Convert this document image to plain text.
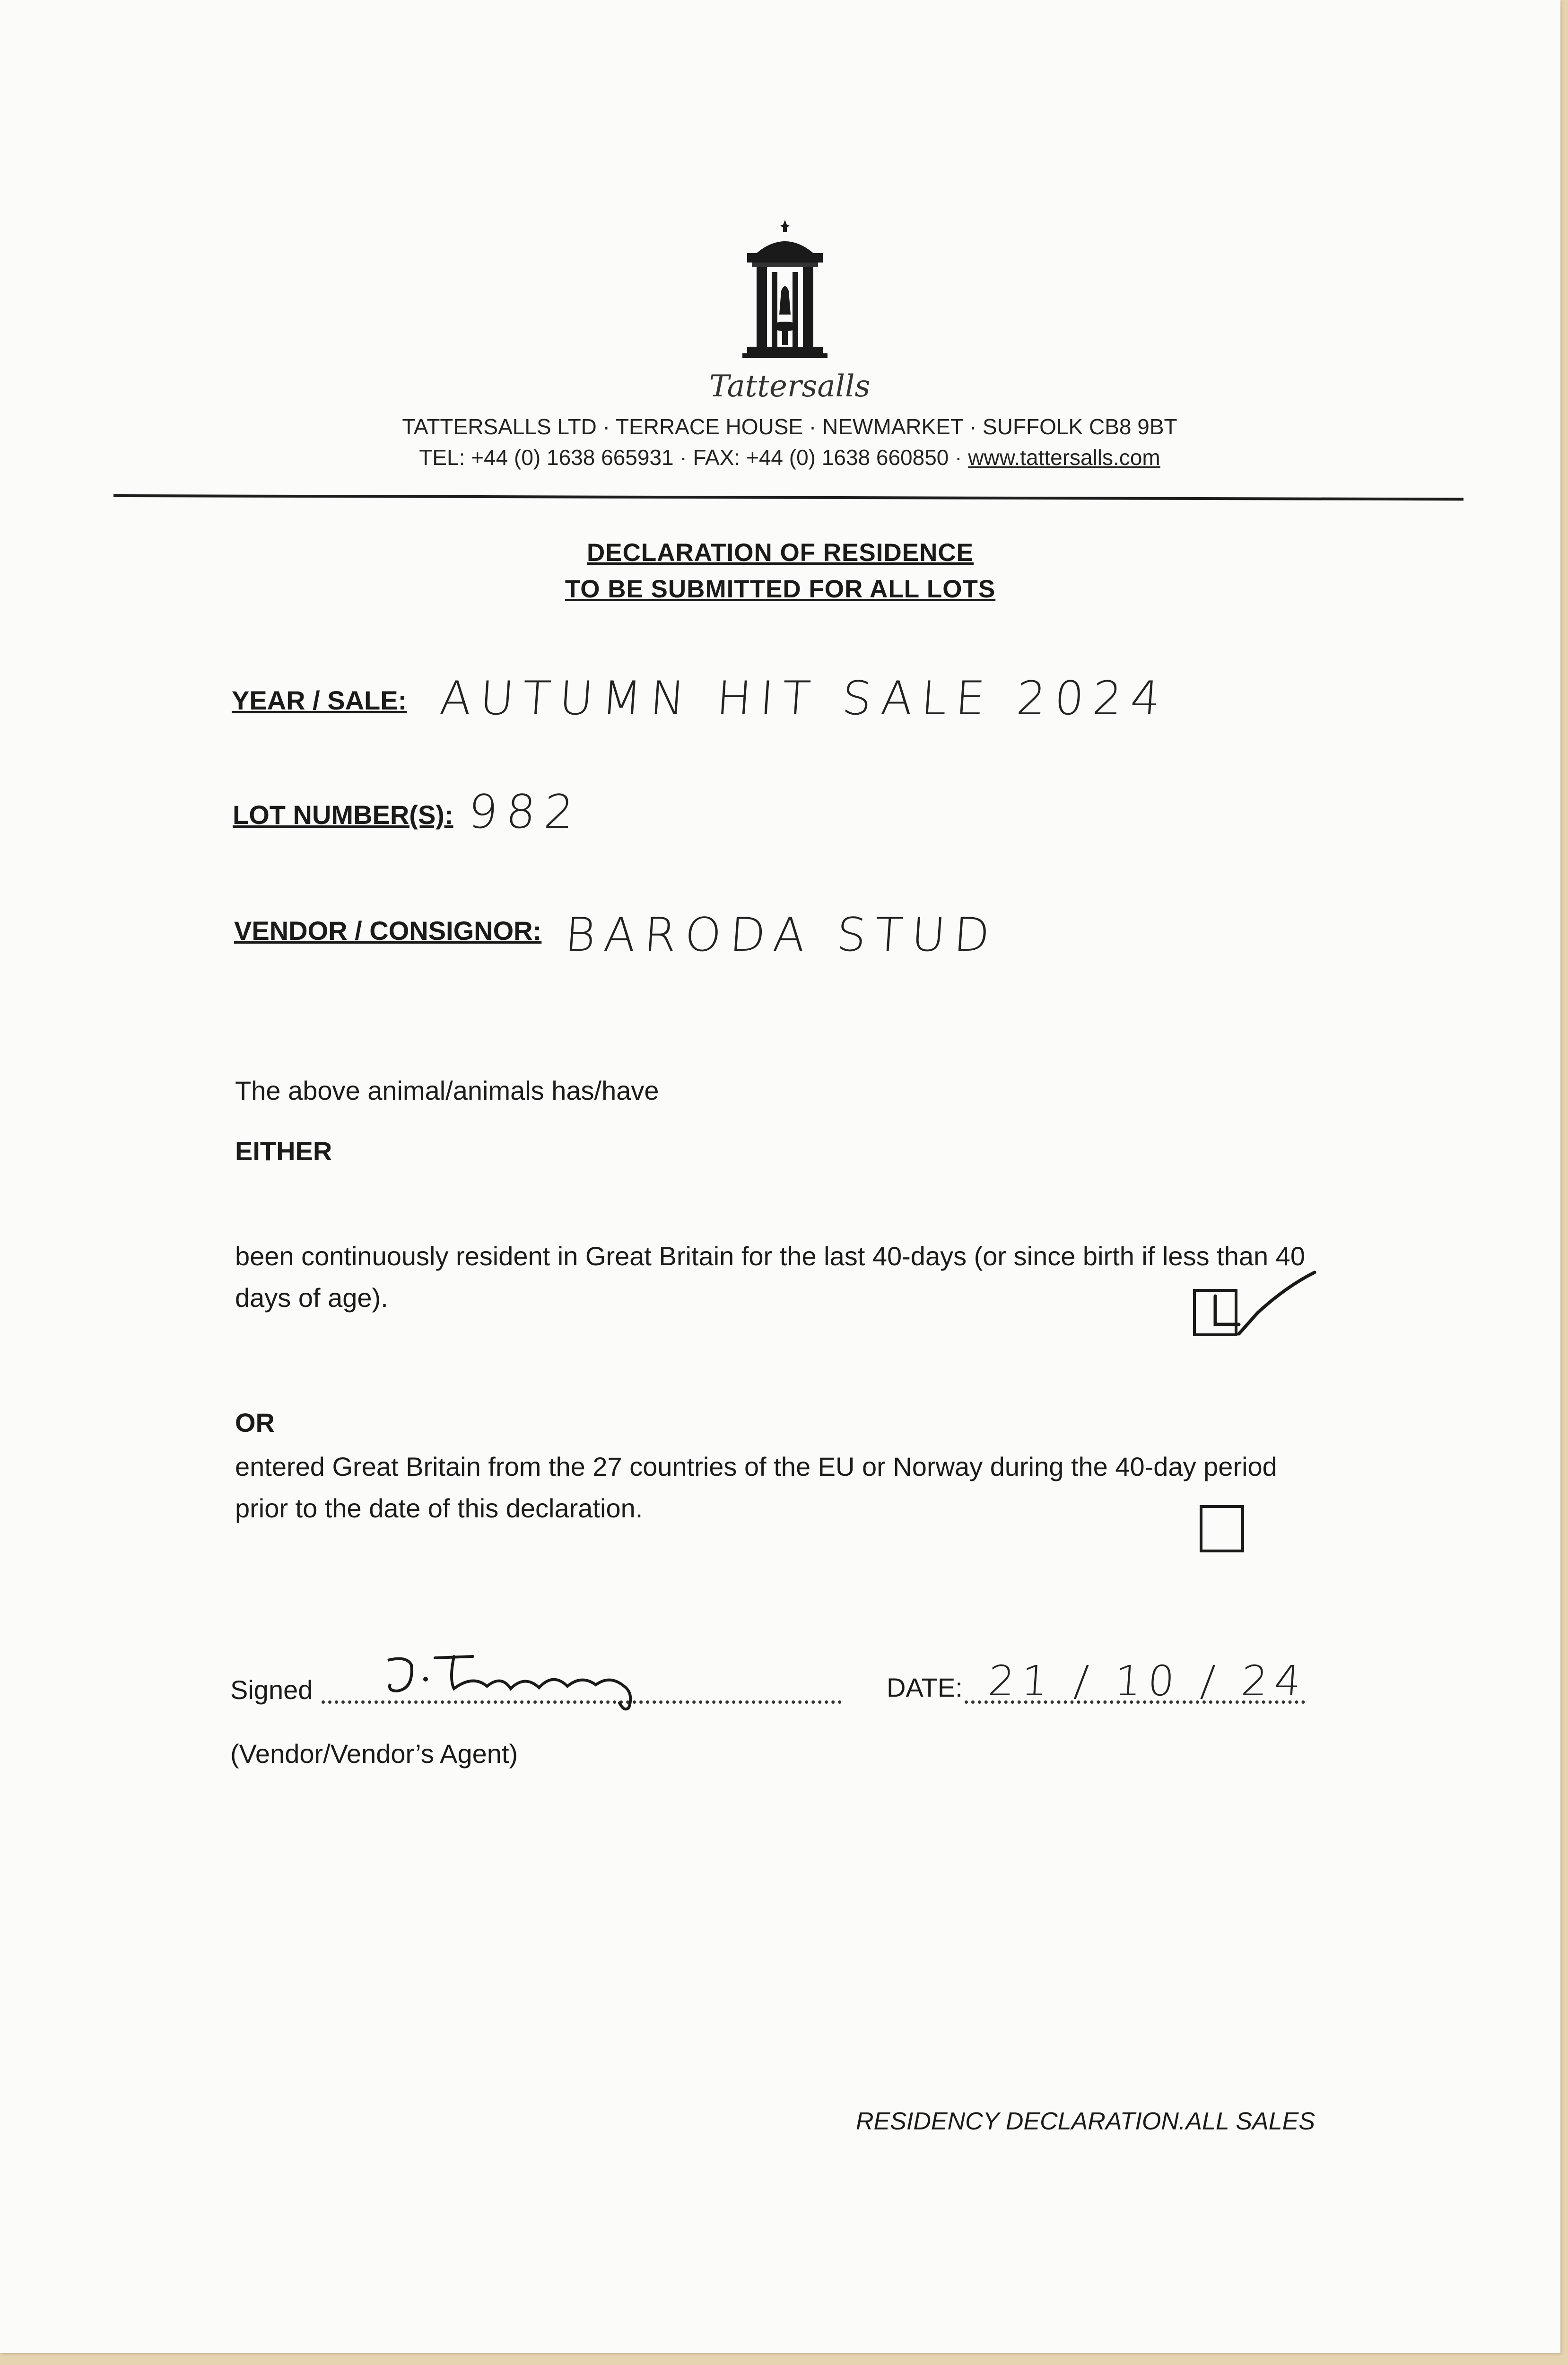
Tattersalls
TATTERSALLS LTD · TERRACE HOUSE · NEWMARKET · SUFFOLK CB8 9BT
TEL: +44 (0) 1638 665931 · FAX: +44 (0) 1638 660850 · www.tattersalls.com
DECLARATION OF RESIDENCE
TO BE SUBMITTED FOR ALL LOTS
YEAR / SALE: AUTUMN HIT SALE 2024
LOT NUMBER(S): 982
VENDOR / CONSIGNOR: BARODA STUD
The above animal/animals has/have
EITHER
been continuously resident in Great Britain for the last 40-days (or since birth if less than 40 days of age).
OR
entered Great Britain from the 27 countries of the EU or Norway during the 40-day period prior to the date of this declaration.
Signed
(Vendor/Vendor’s Agent)
DATE: 21 / 10 / 24
RESIDENCY DECLARATION.ALL SALES
